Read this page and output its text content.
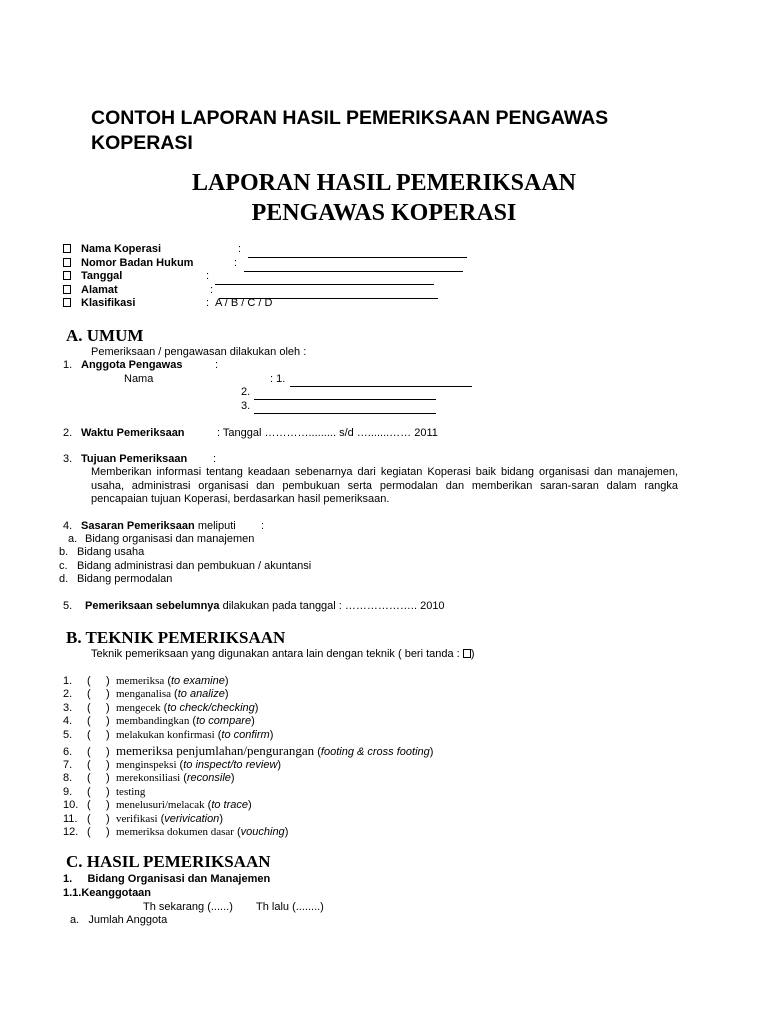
CONTOH LAPORAN HASIL PEMERIKSAAN PENGAWAS
KOPERASI
LAPORAN HASIL PEMERIKSAAN
PENGAWAS KOPERASI
Nama Koperasi	:
Nomor Badan Hukum	:
Tanggal	:
Alamat	:
Klasifikasi	: A / B / C / D
A. UMUM
Pemeriksaan / pengawasan dilakukan oleh :
1. Anggota Pengawas	:
Nama	: 1.
2.
3.
2. Waktu Pemeriksaan	: Tanggal …………......... s/d ….......…… 2011
3. Tujuan Pemeriksaan :
Memberikan informasi tentang keadaan sebenarnya dari kegiatan Koperasi baik bidang organisasi dan manajemen, usaha, administrasi organisasi dan pembukuan serta permodalan dan memberikan saran-saran dalam rangka pencapaian tujuan Koperasi, berdasarkan hasil pemeriksaan.
4. Sasaran Pemeriksaan meliputi :
a. Bidang organisasi dan manajemen
b. Bidang usaha
c. Bidang administrasi dan pembukuan / akuntansi
d. Bidang permodalan
5. Pemeriksaan sebelumnya dilakukan pada tanggal : ……………….. 2010
B. TEKNIK PEMERIKSAAN
Teknik pemeriksaan yang digunakan antara lain dengan teknik ( beri tanda : )
1. (     ) memeriksa (to examine)
2. (     ) menganalisa (to analize)
3. (     ) mengecek (to check/checking)
4. (     ) membandingkan (to compare)
5. (     ) melakukan konfirmasi (to confirm)
6. (     ) memeriksa penjumlahan/pengurangan (footing & cross footing)
7. (     ) menginspeksi (to inspect/to review)
8. (     ) merekonsiliasi (reconsile)
9. (     ) testing
10. (     ) menelusuri/melacak (to trace)
11. (     ) verifikasi (verivication)
12. (     ) memeriksa dokumen dasar (vouching)
C. HASIL PEMERIKSAAN
1.     Bidang Organisasi dan Manajemen
1.1.Keanggotaan
Th sekarang (......) Th lalu (........)
a.   Jumlah Anggota
